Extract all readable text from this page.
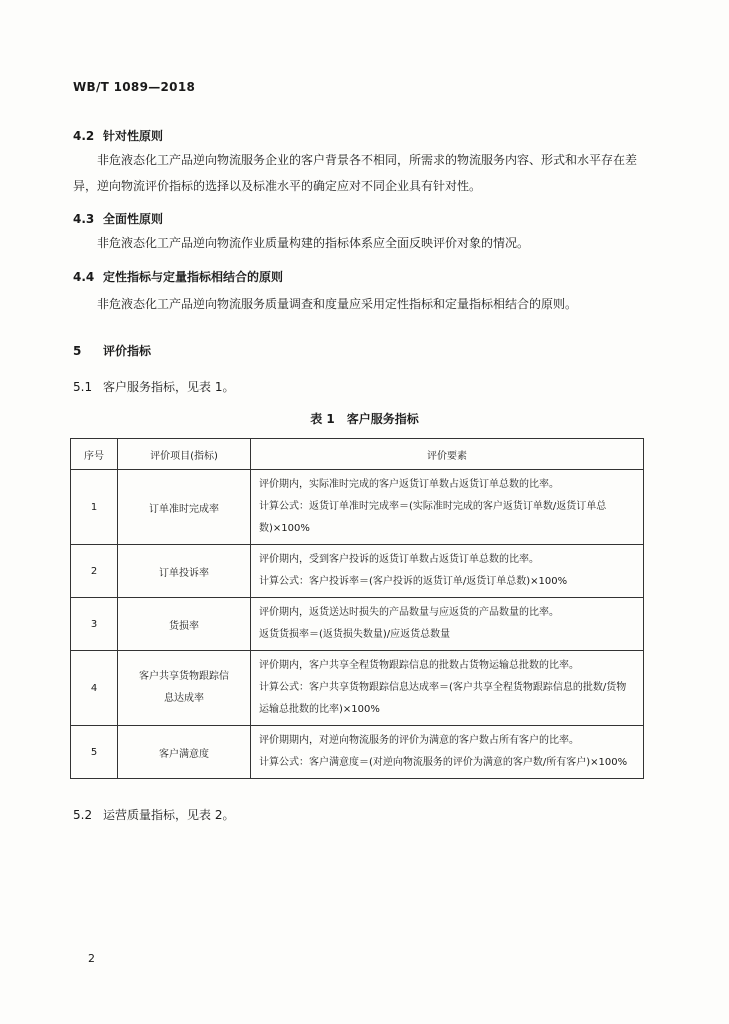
WB/T 1089—2018
4.2 针对性原则
非危液态化工产品逆向物流服务企业的客户背景各不相同，所需求的物流服务内容、形式和水平存在差异，逆向物流评价指标的选择以及标准水平的确定应对不同企业具有针对性。
4.3 全面性原则
非危液态化工产品逆向物流作业质量构建的指标体系应全面反映评价对象的情况。
4.4 定性指标与定量指标相结合的原则
非危液态化工产品逆向物流服务质量调查和度量应采用定性指标和定量指标相结合的原则。
5 评价指标
5.1 客户服务指标，见表 1。
表 1　客户服务指标
序号	评价项目(指标)	评价要素
1	订单准时完成率	评价期内，实际准时完成的客户返货订单数占返货订单总数的比率。
计算公式：返货订单准时完成率＝(实际准时完成的客户返货订单数/返货订单总数)×100%

2	订单投诉率	评价期内，受到客户投诉的返货订单数占返货订单总数的比率。
计算公式：客户投诉率＝(客户投诉的返货订单/返货订单总数)×100%

3	货损率	评价期内，返货送达时损失的产品数量与应返货的产品数量的比率。
返货货损率＝(返货损失数量)/应返货总数量

4	客户共享货物跟踪信息达成率	评价期内，客户共享全程货物跟踪信息的批数占货物运输总批数的比率。
计算公式：客户共享货物跟踪信息达成率＝(客户共享全程货物跟踪信息的批数/货物运输总批数的比率)×100%

5	客户满意度	评价期期内，对逆向物流服务的评价为满意的客户数占所有客户的比率。
计算公式：客户满意度＝(对逆向物流服务的评价为满意的客户数/所有客户)×100%
5.2 运营质量指标，见表 2。
2
